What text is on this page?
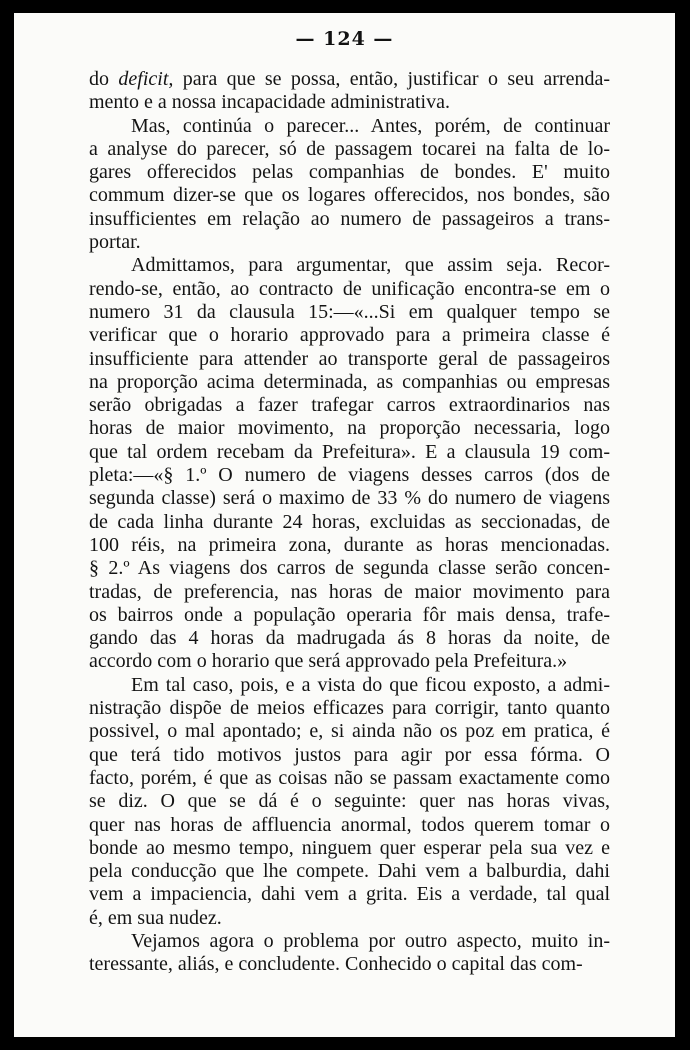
— 124 —

do deficit, para que se possa, então, justificar o seu arrenda-

mento e a nossa incapacidade administrativa.

Mas, continúa o parecer... Antes, porém, de continuar

a analyse do parecer, só de passagem tocarei na falta de lo-

gares offerecidos pelas companhias de bondes. E' muito

commum dizer-se que os logares offerecidos, nos bondes, são

insufficientes em relação ao numero de passageiros a trans-

portar.

Admittamos, para argumentar, que assim seja. Recor-

rendo-se, então, ao contracto de unificação encontra-se em o

numero 31 da clausula 15:—«...Si em qualquer tempo se

verificar que o horario approvado para a primeira classe é

insufficiente para attender ao transporte geral de passageiros

na proporção acima determinada, as companhias ou empresas

serão obrigadas a fazer trafegar carros extraordinarios nas

horas de maior movimento, na proporção necessaria, logo

que tal ordem recebam da Prefeitura». E a clausula 19 com-

pleta:—«§ 1.º O numero de viagens desses carros (dos de

segunda classe) será o maximo de 33 % do numero de viagens

de cada linha durante 24 horas, excluidas as seccionadas, de

100 réis, na primeira zona, durante as horas mencionadas.

§ 2.º As viagens dos carros de segunda classe serão concen-

tradas, de preferencia, nas horas de maior movimento para

os bairros onde a população operaria fôr mais densa, trafe-

gando das 4 horas da madrugada ás 8 horas da noite, de

accordo com o horario que será approvado pela Prefeitura.»

Em tal caso, pois, e a vista do que ficou exposto, a admi-

nistração dispõe de meios efficazes para corrigir, tanto quanto

possivel, o mal apontado; e, si ainda não os poz em pratica, é

que terá tido motivos justos para agir por essa fórma. O

facto, porém, é que as coisas não se passam exactamente como

se diz. O que se dá é o seguinte: quer nas horas vivas,

quer nas horas de affluencia anormal, todos querem tomar o

bonde ao mesmo tempo, ninguem quer esperar pela sua vez e

pela conducção que lhe compete. Dahi vem a balburdia, dahi

vem a impaciencia, dahi vem a grita. Eis a verdade, tal qual

é, em sua nudez.

Vejamos agora o problema por outro aspecto, muito in-

teressante, aliás, e concludente. Conhecido o capital das com-
